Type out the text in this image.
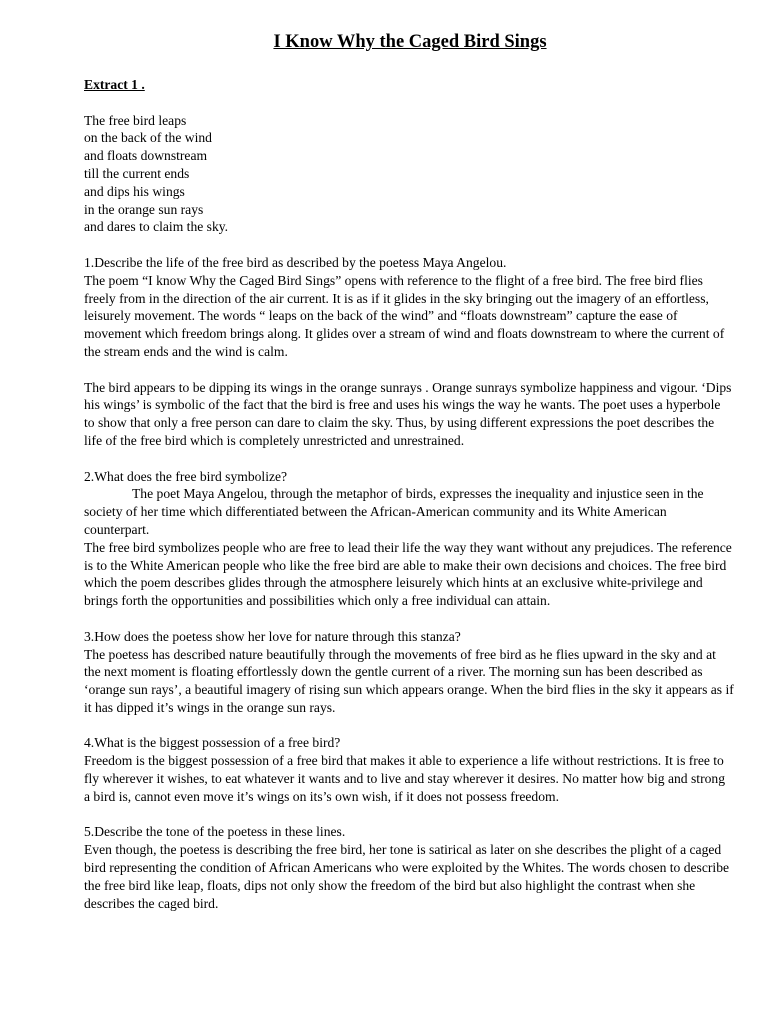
I Know Why the Caged Bird Sings
Extract 1 .
The free bird leaps
on the back of the wind
and floats downstream
till the current ends
and dips his wings
in the orange sun rays
and dares to claim the sky.
1.Describe the life of the free bird as described by the poetess Maya Angelou.
The poem “I know Why the Caged Bird Sings” opens with reference to the flight of a free bird. The free bird flies freely from in the direction of the air current. It is as if it glides in the sky bringing out the imagery of an effortless, leisurely movement. The words “ leaps on the back of the wind” and “floats downstream” capture the ease of movement which freedom brings along. It glides over a stream of wind and floats downstream to where the current of the stream ends and the wind is calm.
The bird appears to be dipping its wings in the orange sunrays . Orange sunrays symbolize happiness and vigour. ‘Dips his wings’ is symbolic of the fact that the bird is free and uses his wings the way he wants. The poet uses a hyperbole to show that only a free person can dare to claim the sky. Thus, by using different expressions the poet describes the life of the free bird which is completely unrestricted and unrestrained.
2.What does the free bird symbolize?
The poet Maya Angelou, through the metaphor of birds, expresses the inequality and injustice seen in the society of her time which differentiated between the African-American community and its White American counterpart.
The free bird symbolizes people who are free to lead their life the way they want without any prejudices. The reference is to the White American people who like the free bird are able to make their own decisions and choices. The free bird which the poem describes glides through the atmosphere leisurely which hints at an exclusive white-privilege and brings forth the opportunities and possibilities which only a free individual can attain.
3.How does the poetess show her love for nature through this stanza?
The poetess has described nature beautifully through the movements of free bird as he flies upward in the sky and at the next moment is floating effortlessly down the gentle current of a river. The morning sun has been described as ‘orange sun rays’, a beautiful imagery of rising sun which appears orange. When the bird flies in the sky it appears as if it has dipped it’s wings in the orange sun rays.
4.What is the biggest possession of a free bird?
Freedom is the biggest possession of a free bird that makes it able to experience a life without restrictions. It is free to fly wherever it wishes, to eat whatever it wants and to live and stay wherever it desires. No matter how big and strong a bird is, cannot even move it’s wings on its’s own wish, if it does not possess freedom.
5.Describe the tone of the poetess in these lines.
Even though, the poetess is describing the free bird, her tone is satirical as later on she describes the plight of a caged bird representing the condition of African Americans who were exploited by the Whites. The words chosen to describe the free bird like leap, floats, dips not only show the freedom of the bird but also highlight the contrast when she describes the caged bird.
